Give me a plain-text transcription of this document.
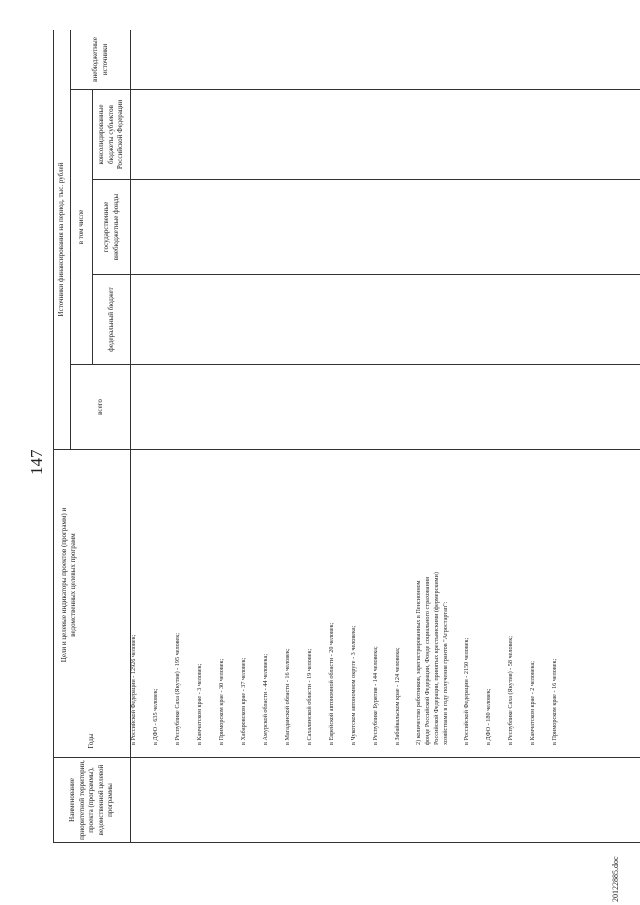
147
Наименование приоритетной территории, проекта (программы), ведомственной целевой программы
Годы
Цели и целевые индикаторы проектов (программ) и ведомственных целевых программ
Источники финансирования на период, тыс. рублей
всего
в том числе
федеральный бюджет
государственные внебюджетные фонды
консолидированные бюджеты субъектов Российской Федерации
внебюджетные источники
в Российской Федерации - 12926 человек; в ДФО - 635 человек; в Республике Саха (Якутия) - 195 человек; в Камчатском крае - 3 человек; в Приморском крае - 30 человек; в Хабаровском крае - 37 человек; в Амурской области - 44 человека; в Магаданской области - 16 человек; в Сахалинской области - 19 человек; в Еврейской автономной области - 20 человек; в Чукотском автономном округе - 3 человека; в Республике Бурятия - 144 человека; в Забайкальском крае - 124 человека; 2) количество работников, зарегистрированных в Пенсионном фонде Российской Федерации, Фонде социального страхования Российской Федерации, принятых крестьянскими (фермерскими) хозяйствами в году получения грантов "Агростартап": в Российской Федерации - 2150 человек; в ДФО - 180 человек; в Республике Саха (Якутия) - 58 человек; в Камчатском крае - 2 человека; в Приморском крае - 16 человек;
20122885.doc
